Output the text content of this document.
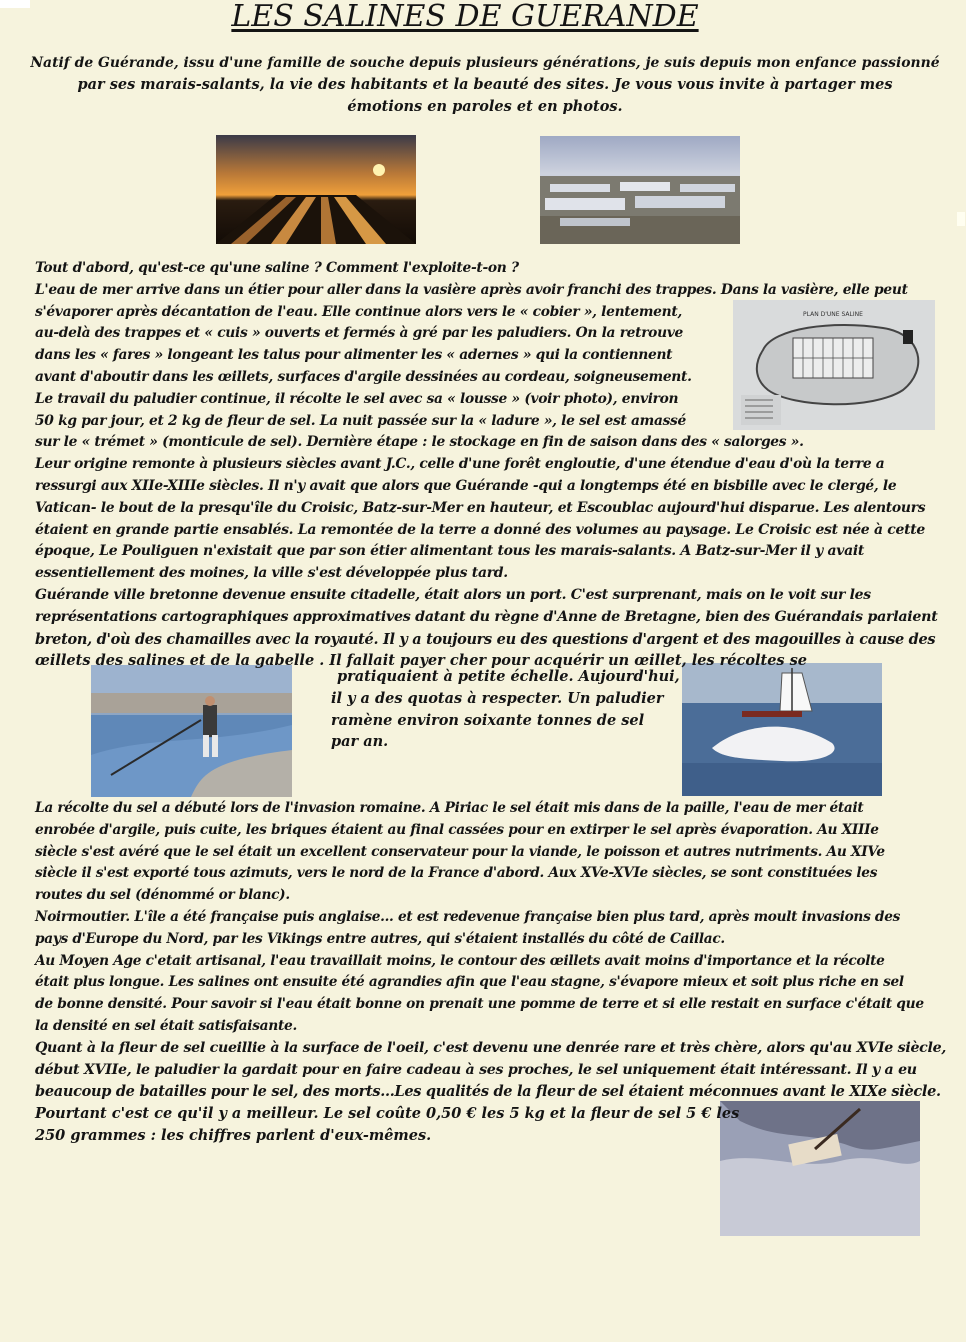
LES SALINES DE GUERANDE
Natif de Guérande, issu d'une famille de souche depuis plusieurs générations, je suis depuis mon enfance passionné
par ses marais-salants, la vie des habitants et la beauté des sites. Je vous vous invite à partager mes
émotions en paroles et en photos.
PLAN D'UNE SALINE
Tout d'abord, qu'est-ce qu'une saline ? Comment l'exploite-t-on ?
L'eau de mer arrive dans un étier pour aller dans la vasière après avoir franchi des trappes. Dans la vasière, elle peut
s'évaporer après décantation de l'eau. Elle continue alors vers le « cobier », lentement,
au-delà des trappes et « cuis » ouverts et fermés à gré par les paludiers. On la retrouve
dans les « fares » longeant les talus pour alimenter les « adernes » qui la contiennent
avant d'aboutir dans les œillets, surfaces d'argile dessinées au cordeau, soigneusement.
Le travail du paludier continue, il récolte le sel avec sa « lousse » (voir photo), environ
50 kg par jour, et 2 kg de fleur de sel. La nuit passée sur la « ladure », le sel est amassé
sur le « trémet » (monticule de sel). Dernière étape : le stockage en fin de saison dans des « salorges ».
Leur origine remonte à plusieurs siècles avant J.C., celle d'une forêt engloutie, d'une étendue d'eau d'où la terre a
ressurgi aux XIIe-XIIIe siècles. Il n'y avait que alors que Guérande -qui a longtemps été en bisbille avec le clergé, le
Vatican- le bout de la presqu'île du Croisic, Batz-sur-Mer en hauteur, et Escoublac aujourd'hui disparue. Les alentours
étaient en grande partie ensablés. La remontée de la terre a donné des volumes au paysage. Le Croisic est née à cette
époque, Le Pouliguen n'existait que par son étier alimentant tous les marais-salants. A Batz-sur-Mer il y avait
essentiellement des moines, la ville s'est développée plus tard.
Guérande ville bretonne devenue ensuite citadelle, était alors un port. C'est surprenant, mais on le voit sur les
représentations cartographiques approximatives datant du règne d'Anne de Bretagne, bien des Guérandais parlaient
breton, d'où des chamailles avec la royauté. Il y a toujours eu des questions d'argent et des magouilles à cause des
œillets des salines et de la gabelle . Il fallait payer cher pour acquérir un œillet, les récoltes se
pratiquaient à petite échelle. Aujourd'hui,
il y a des quotas à respecter. Un paludier
ramène environ soixante tonnes de sel
par an.
La récolte du sel a débuté lors de l'invasion romaine. A Piriac le sel était mis dans de la paille, l'eau de mer était
enrobée d'argile, puis cuite, les briques étaient au final cassées pour en extirper le sel après évaporation. Au XIIIe
siècle s'est avéré que le sel était un excellent conservateur pour la viande, le poisson et autres nutriments. Au XIVe
siècle il s'est exporté tous azimuts, vers le nord de la France d'abord. Aux XVe-XVIe siècles, se sont constituées les
routes du sel (dénommé or blanc).
Noirmoutier. L'île a été française puis anglaise... et est redevenue française bien plus tard, après moult invasions des
pays d'Europe du Nord, par les Vikings entre autres, qui s'étaient installés du côté de Caillac.
Au Moyen Age c'etait artisanal, l'eau travaillait moins, le contour des œillets avait moins d'importance et la récolte
était plus longue. Les salines ont ensuite été agrandies afin que l'eau stagne, s'évapore mieux et soit plus riche en sel
de bonne densité. Pour savoir si l'eau était bonne on prenait une pomme de terre et si elle restait en surface c'était que
la densité en sel était satisfaisante.
Quant à la fleur de sel cueillie à la surface de l'oeil, c'est devenu une denrée rare et très chère, alors qu'au XVIe siècle,
début XVIIe, le paludier la gardait pour en faire cadeau à ses proches, le sel uniquement était intéressant. Il y a eu
beaucoup de batailles pour le sel, des morts...Les qualités de la fleur de sel étaient méconnues avant le XIXe siècle.
Pourtant c'est ce qu'il y a meilleur. Le sel coûte 0,50 € les 5 kg et la fleur de sel 5 € les
250 grammes : les chiffres parlent d'eux-mêmes.
